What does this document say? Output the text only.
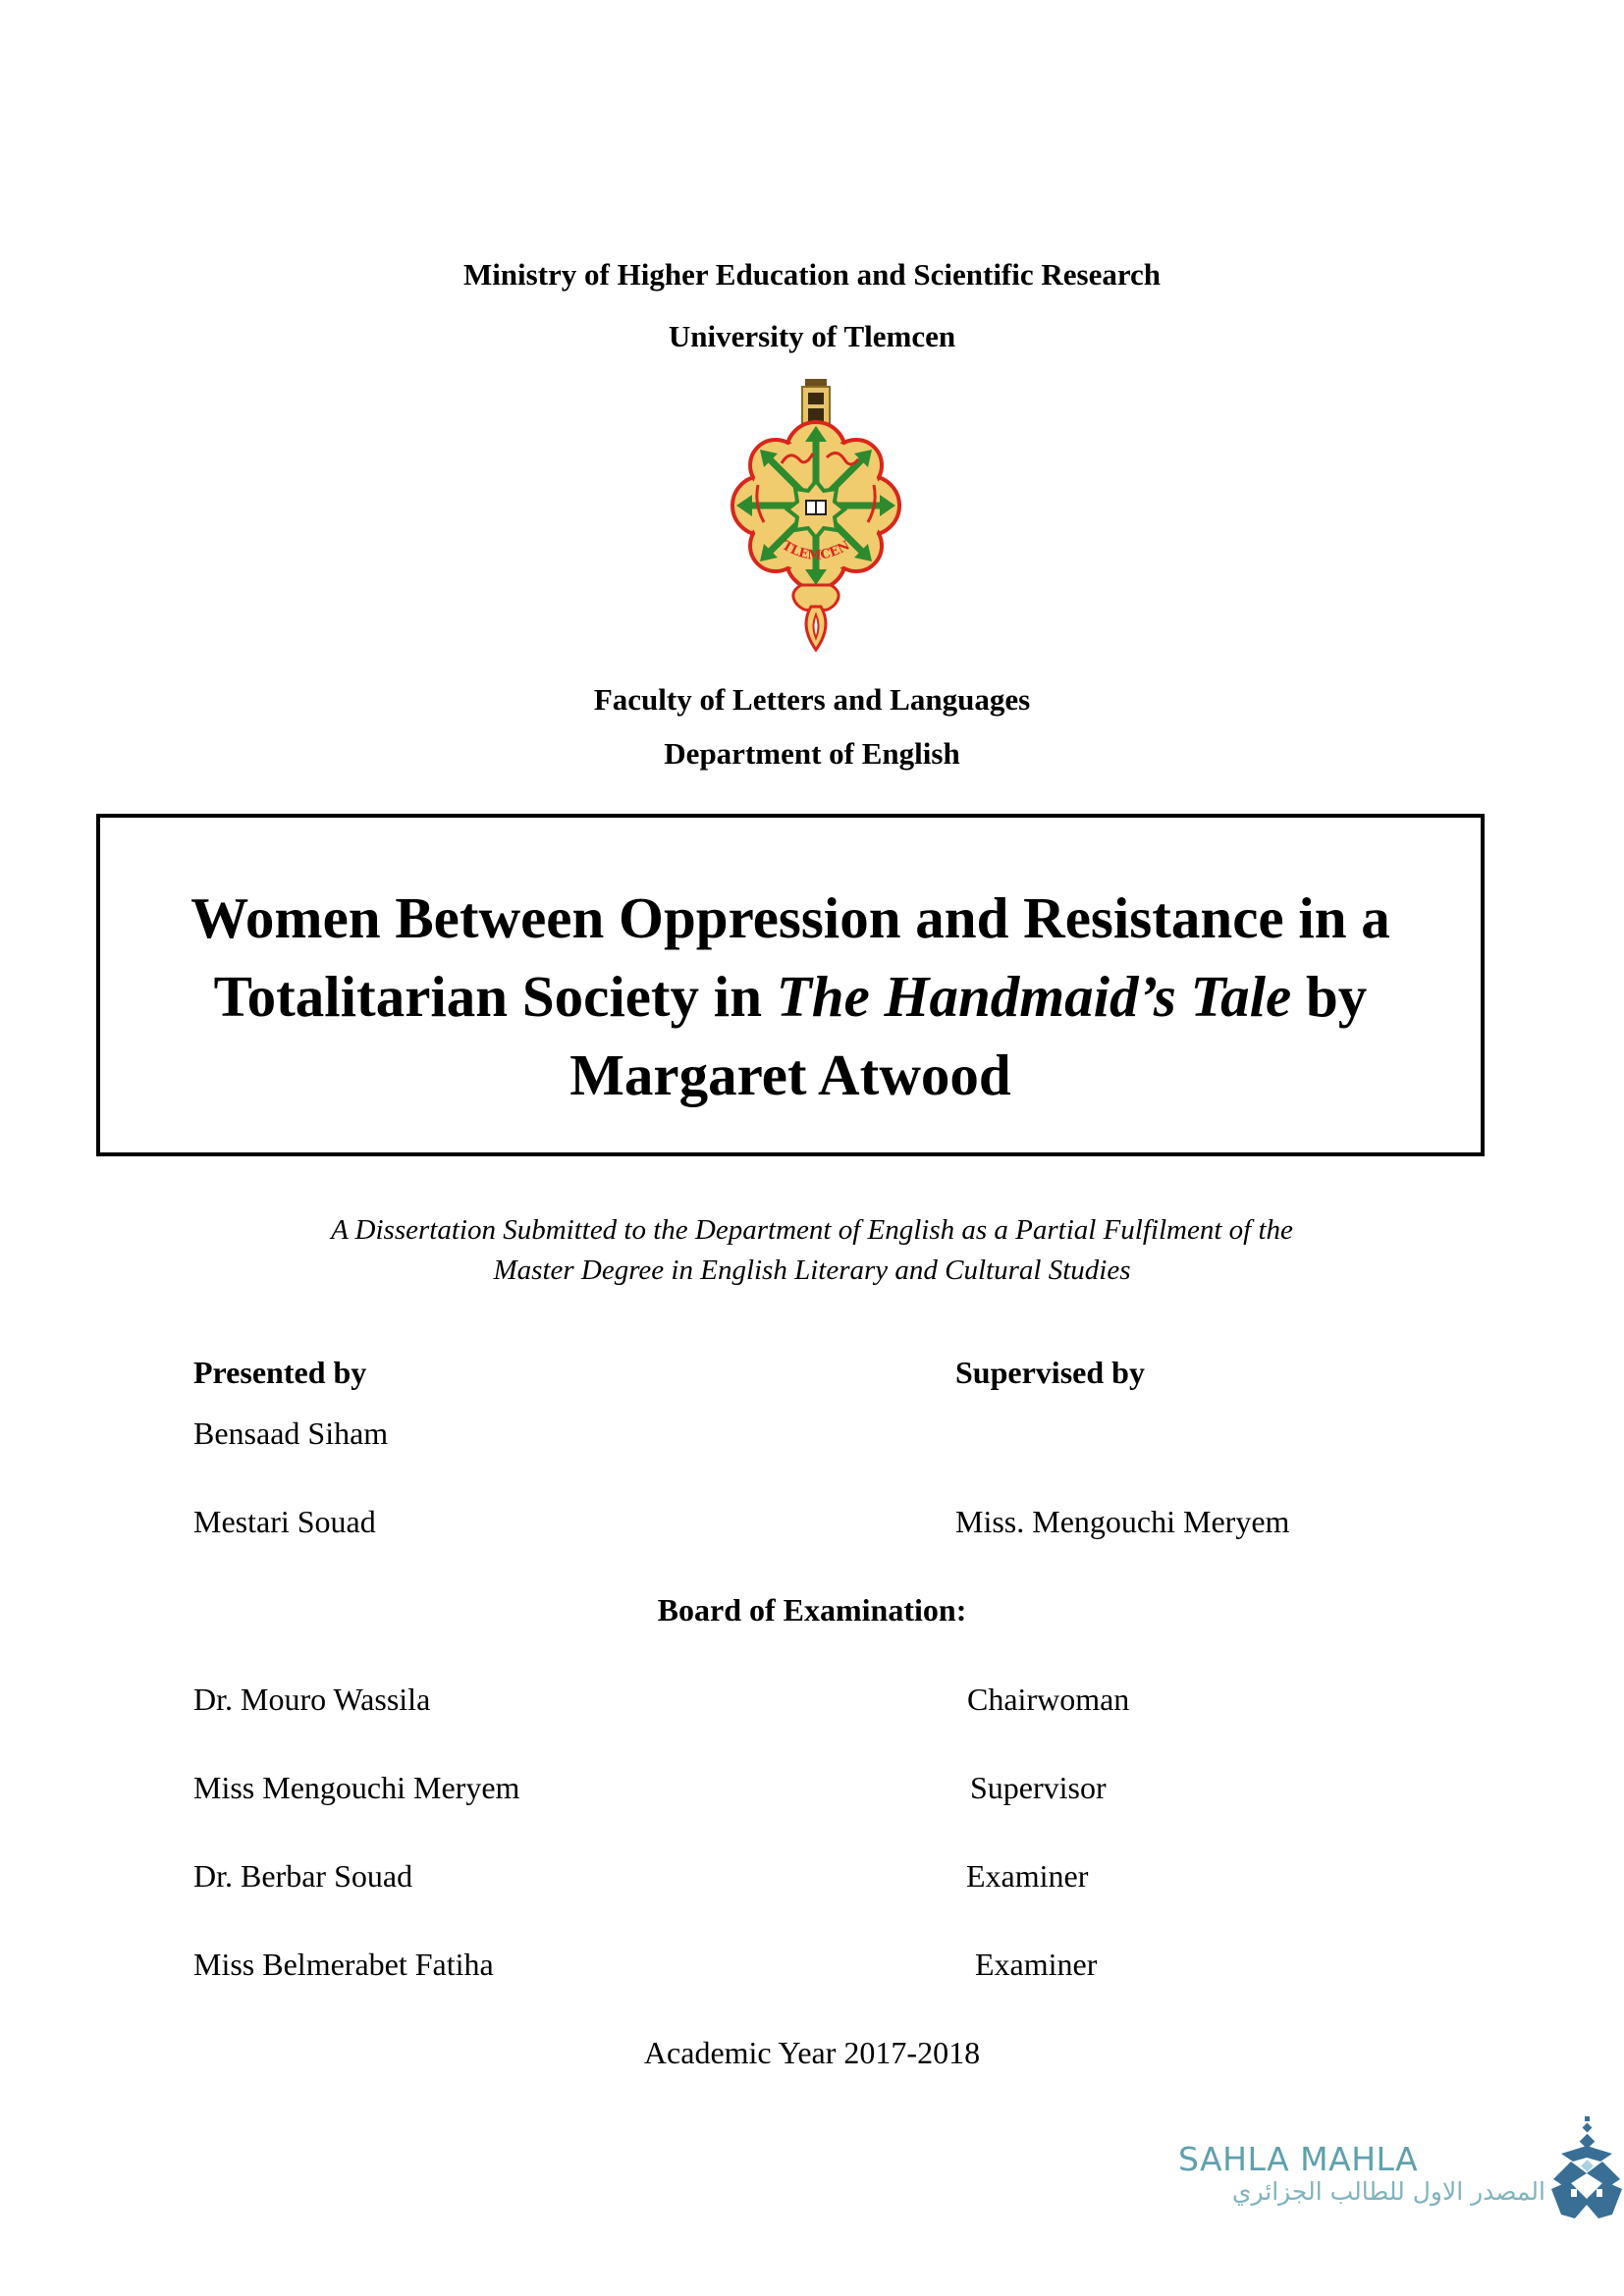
Ministry of Higher Education and Scientific Research
University of Tlemcen
TLEMCEN
Faculty of Letters and Languages
Department of English
Women Between Oppression and Resistance in a
Totalitarian Society in The Handmaid’s Tale by
Margaret Atwood
A Dissertation Submitted to the Department of English as a Partial Fulfilment of the
Master Degree in English Literary and Cultural Studies
Presented by	Supervised by
Bensaad Siham
Mestari Souad	Miss. Mengouchi Meryem
Board of Examination:
Dr. Mouro Wassila	Chairwoman
Miss Mengouchi Meryem	Supervisor
Dr. Berbar Souad	Examiner
Miss Belmerabet Fatiha	Examiner
Academic Year 2017-2018
SAHLA MAHLA
المصدر الاول للطالب الجزائري
